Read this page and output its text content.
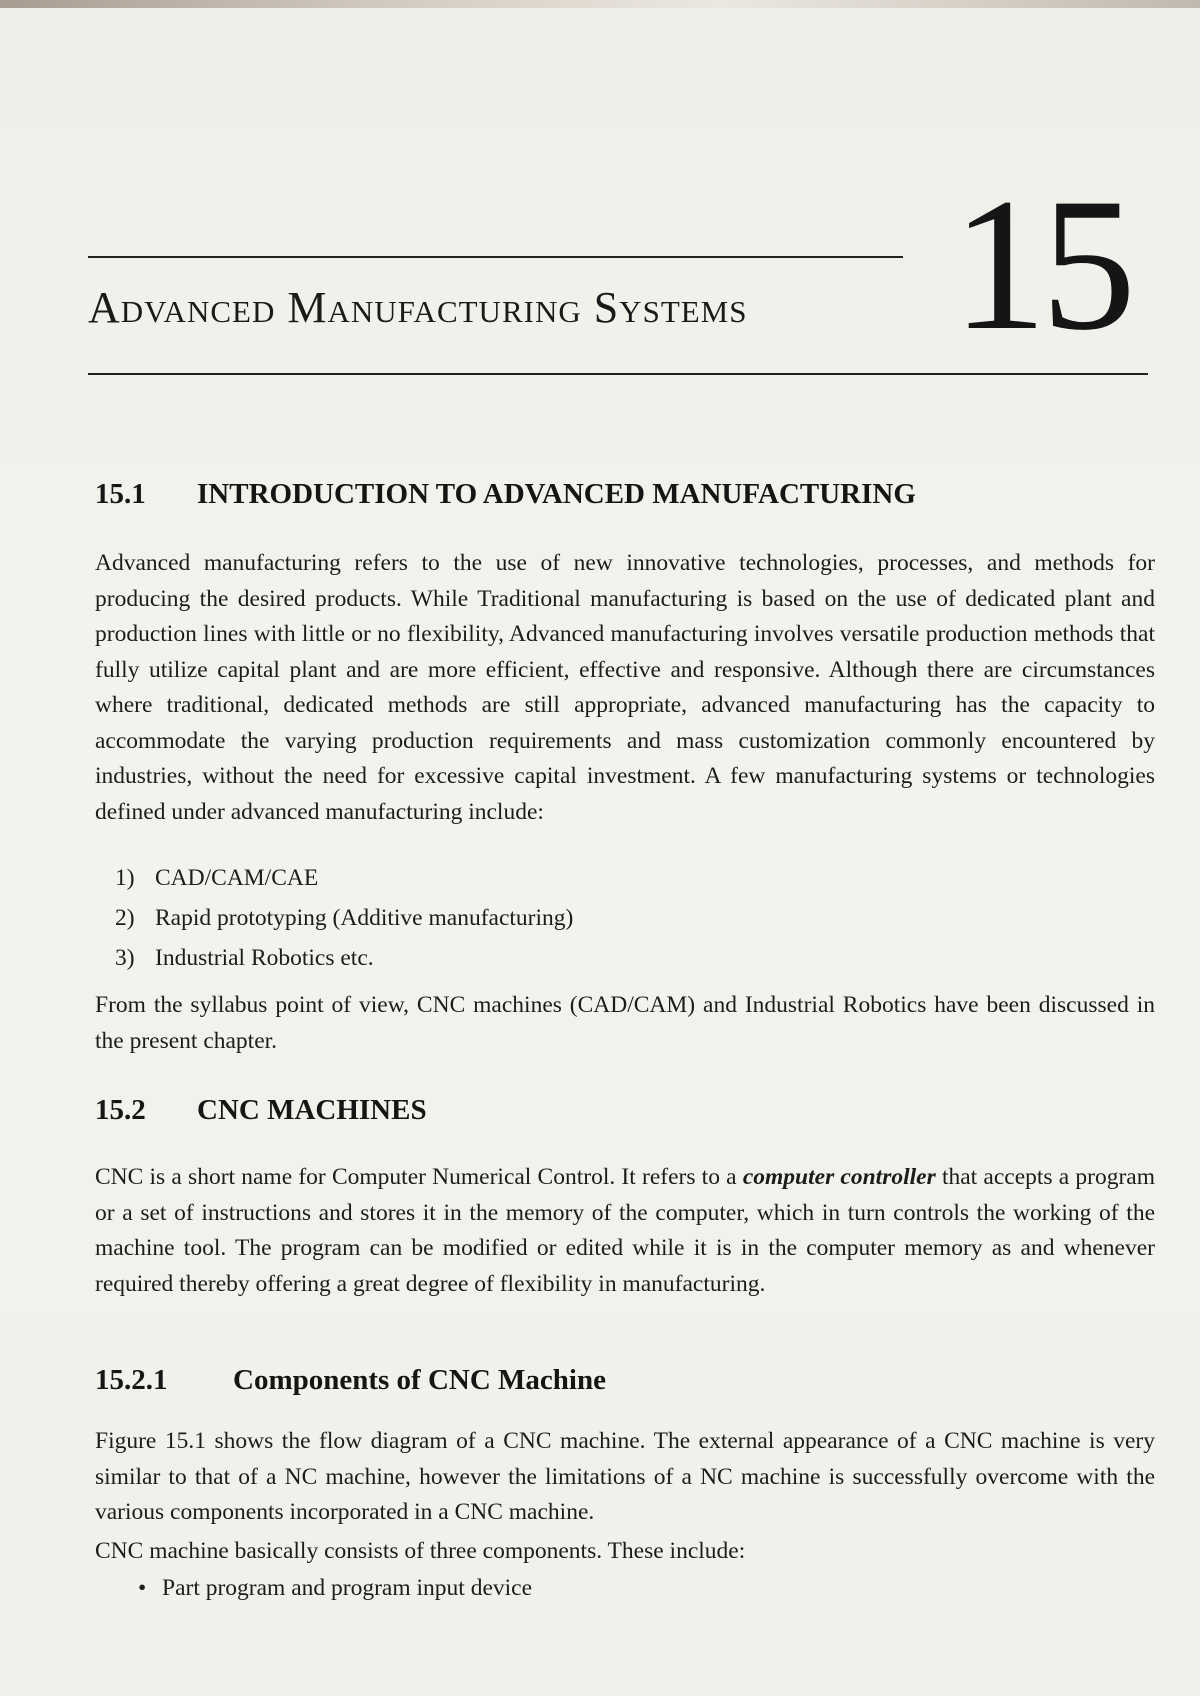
Advanced Manufacturing Systems 15
15.1 INTRODUCTION TO ADVANCED MANUFACTURING

Advanced manufacturing refers to the use of new innovative technologies, processes, and methods for producing the desired products. While Traditional manufacturing is based on the use of dedicated plant and production lines with little or no flexibility, Advanced manufacturing involves versatile production methods that fully utilize capital plant and are more efficient, effective and responsive. Although there are circumstances where traditional, dedicated methods are still appropriate, advanced manufacturing has the capacity to accommodate the varying production requirements and mass customization commonly encountered by industries, without the need for excessive capital investment. A few manufacturing systems or technologies defined under advanced manufacturing include:

1) CAD/CAM/CAE
2) Rapid prototyping (Additive manufacturing)
3) Industrial Robotics etc.

From the syllabus point of view, CNC machines (CAD/CAM) and Industrial Robotics have been discussed in the present chapter.

15.2 CNC MACHINES

CNC is a short name for Computer Numerical Control. It refers to a computer controller that accepts a program or a set of instructions and stores it in the memory of the computer, which in turn controls the working of the machine tool. The program can be modified or edited while it is in the computer memory as and whenever required thereby offering a great degree of flexibility in manufacturing.

15.2.1 Components of CNC Machine

Figure 15.1 shows the flow diagram of a CNC machine. The external appearance of a CNC machine is very similar to that of a NC machine, however the limitations of a NC machine is successfully overcome with the various components incorporated in a CNC machine.

CNC machine basically consists of three components. These include:

• Part program and program input device
